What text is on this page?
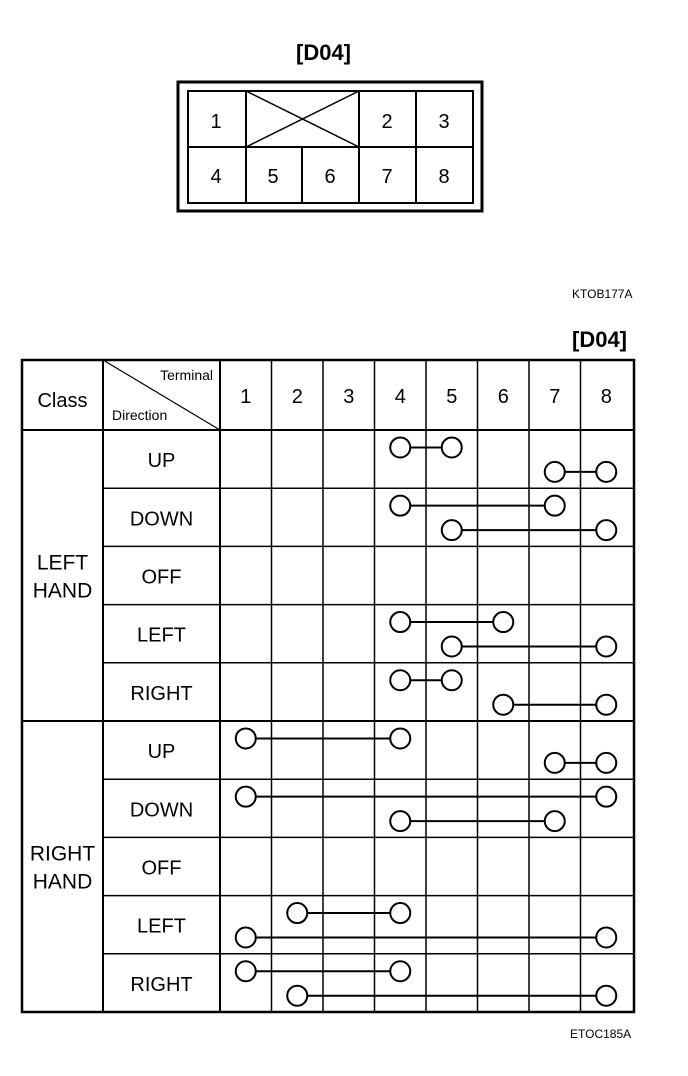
[D04]
1	2 3
4 5 6 7 8
KTOB177A
[D04]
Class
Terminal
Direction
1 2 3 4 5 6 7 8
LEFT
HAND
UP
DOWN
OFF
LEFT
RIGHT
RIGHT
HAND
UP
DOWN
OFF
LEFT
RIGHT
ETOC185A
